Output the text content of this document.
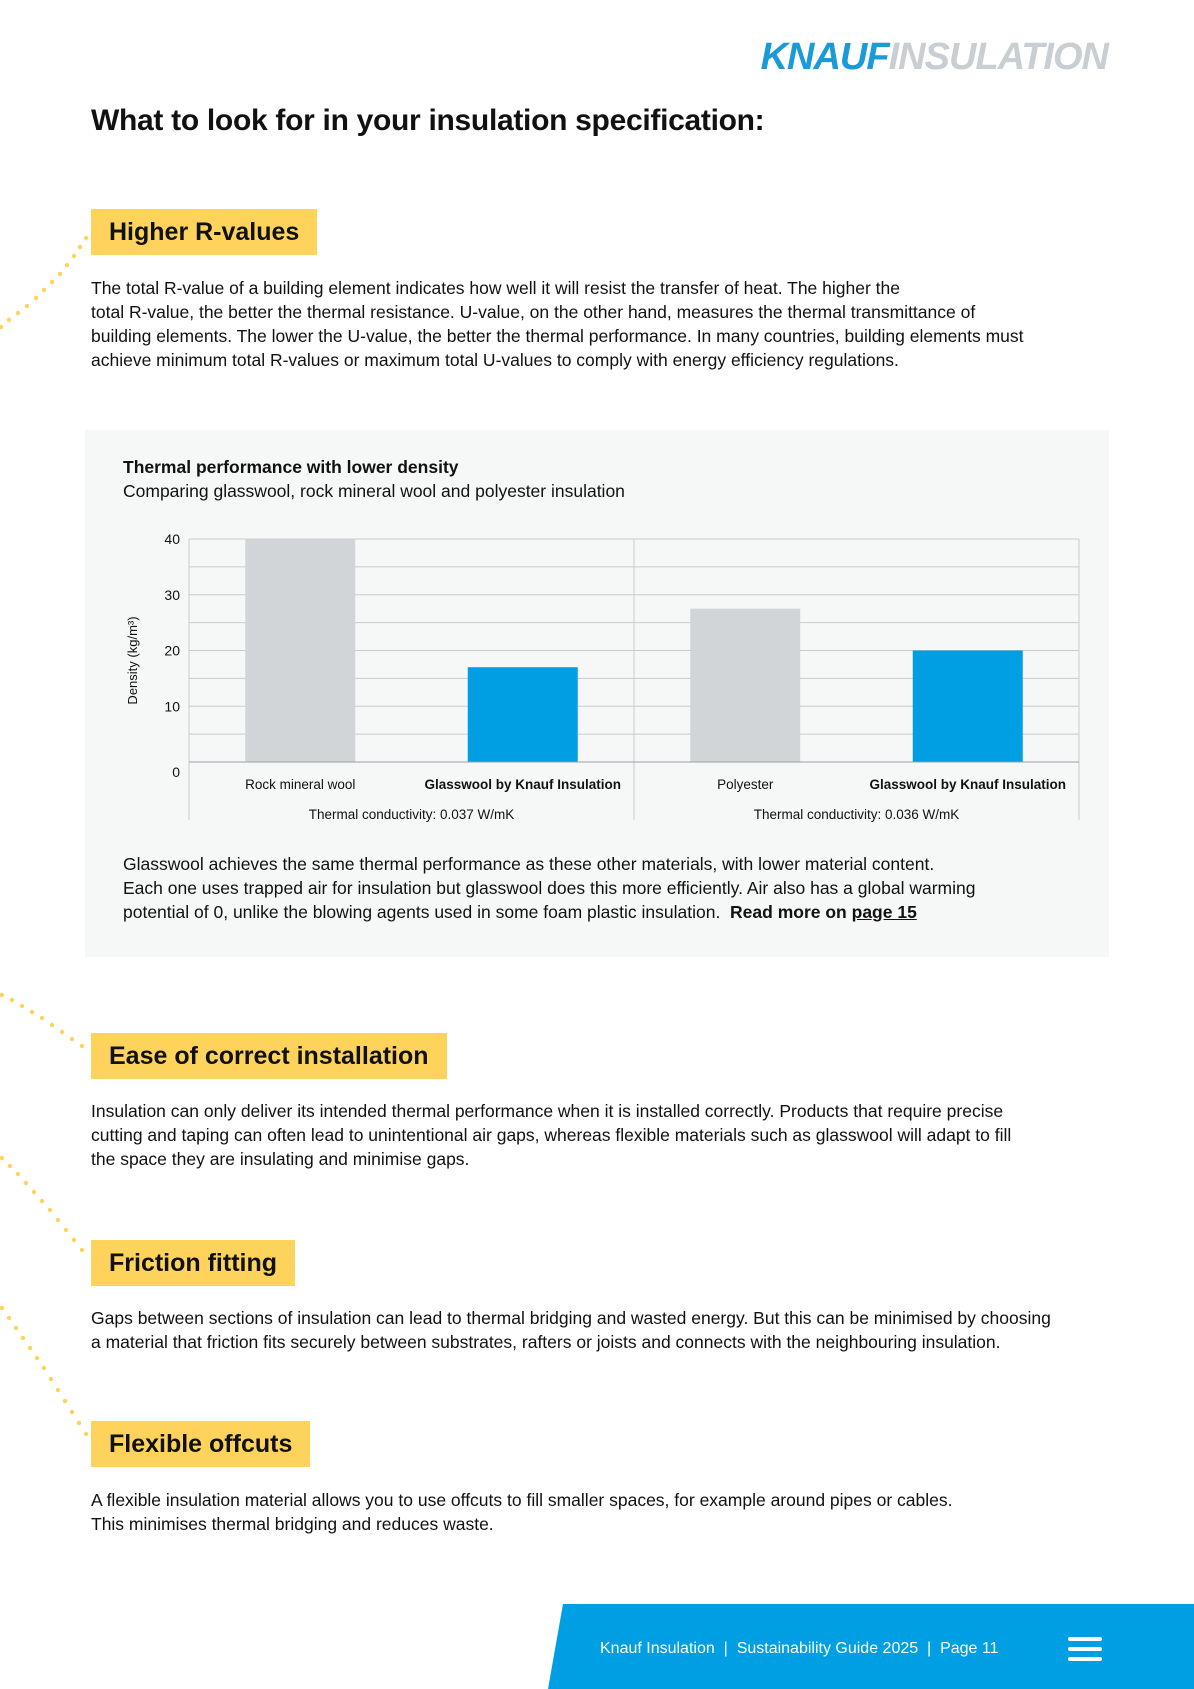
KNAUFINSULATION
What to look for in your insulation specification:
Higher R-values
The total R-value of a building element indicates how well it will resist the transfer of heat. The higher the
total R-value, the better the thermal resistance. U-value, on the other hand, measures the thermal transmittance of
building elements. The lower the U-value, the better the thermal performance. In many countries, building elements must
achieve minimum total R-values or maximum total U-values to comply with energy efficiency regulations.
Thermal performance with lower density
Comparing glasswool, rock mineral wool and polyester insulation
40
30
20
10
0
Density (kg/m³)
Rock mineral wool	Glasswool by Knauf Insulation
Thermal conductivity: 0.037 W/mK
Polyester	Glasswool by Knauf Insulation
Thermal conductivity: 0.036 W/mK
Glasswool achieves the same thermal performance as these other materials, with lower material content.
Each one uses trapped air for insulation but glasswool does this more efficiently. Air also has a global warming
potential of 0, unlike the blowing agents used in some foam plastic insulation. Read more on page 15
Ease of correct installation
Insulation can only deliver its intended thermal performance when it is installed correctly. Products that require precise
cutting and taping can often lead to unintentional air gaps, whereas flexible materials such as glasswool will adapt to fill
the space they are insulating and minimise gaps.
Friction fitting
Gaps between sections of insulation can lead to thermal bridging and wasted energy. But this can be minimised by choosing
a material that friction fits securely between substrates, rafters or joists and connects with the neighbouring insulation.
Flexible offcuts
A flexible insulation material allows you to use offcuts to fill smaller spaces, for example around pipes or cables.
This minimises thermal bridging and reduces waste.
Knauf Insulation  |  Sustainability Guide 2025  |  Page 11
